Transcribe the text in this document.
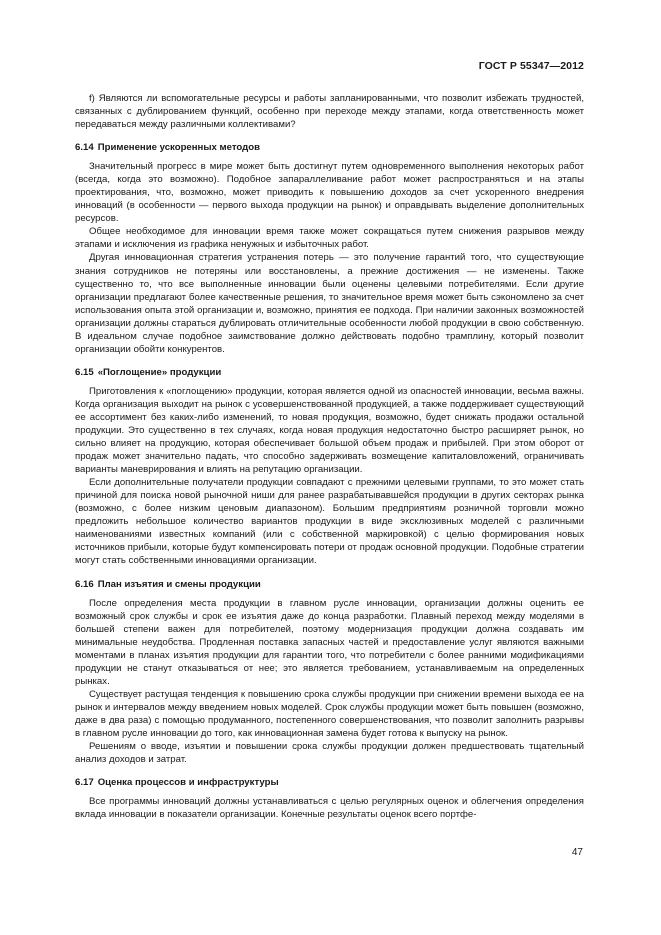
ГОСТ Р 55347—2012

f) Являются ли вспомогательные ресурсы и работы запланированными, что позволит избежать трудностей, связанных с дублированием функций, особенно при переходе между этапами, когда ответственность может передаваться между различными коллективами?

6.14 Применение ускоренных методов

Значительный прогресс в мире может быть достигнут путем одновременного выполнения некоторых работ (всегда, когда это возможно). Подобное запараллеливание работ может распространяться и на этапы проектирования, что, возможно, может приводить к повышению доходов за счет ускоренного внедрения инноваций (в особенности — первого выхода продукции на рынок) и оправдывать выделение дополнительных ресурсов.

Общее необходимое для инновации время также может сокращаться путем снижения разрывов между этапами и исключения из графика ненужных и избыточных работ.

Другая инновационная стратегия устранения потерь — это получение гарантий того, что существующие знания сотрудников не потеряны или восстановлены, а прежние достижения — не изменены. Также существенно то, что все выполненные инновации были оценены целевыми потребителями. Если другие организации предлагают более качественные решения, то значительное время может быть сэкономлено за счет использования опыта этой организации и, возможно, принятия ее подхода. При наличии законных возможностей организации должны стараться дублировать отличительные особенности любой продукции в свою собственную. В идеальном случае подобное заимствование должно действовать подобно трамплину, который позволит организации обойти конкурентов.

6.15 «Поглощение» продукции

Приготовления к «поглощению» продукции, которая является одной из опасностей инновации, весьма важны. Когда организация выходит на рынок с усовершенствованной продукцией, а также поддерживает существующий ее ассортимент без каких-либо изменений, то новая продукция, возможно, будет снижать продажи остальной продукции. Это существенно в тех случаях, когда новая продукция недостаточно быстро расширяет рынок, но сильно влияет на продукцию, которая обеспечивает большой объем продаж и прибылей. При этом оборот от продаж может значительно падать, что способно задерживать возмещение капиталовложений, ограничивать варианты маневрирования и влиять на репутацию организации.

Если дополнительные получатели продукции совпадают с прежними целевыми группами, то это может стать причиной для поиска новой рыночной ниши для ранее разрабатывавшейся продукции в других секторах рынка (возможно, с более низким ценовым диапазоном). Большим предприятиям розничной торговли можно предложить небольшое количество вариантов продукции в виде эксклюзивных моделей с различными наименованиями известных компаний (или с собственной маркировкой) с целью формирования новых источников прибыли, которые будут компенсировать потери от продаж основной продукции. Подобные стратегии могут стать собственными инновациями организации.

6.16 План изъятия и смены продукции

После определения места продукции в главном русле инновации, организации должны оценить ее возможный срок службы и срок ее изъятия даже до конца разработки. Плавный переход между моделями в большей степени важен для потребителей, поэтому модернизация продукции должна создавать им минимальные неудобства. Продленная поставка запасных частей и предоставление услуг являются важными моментами в планах изъятия продукции для гарантии того, что потребители с более ранними модификациями продукции не станут отказываться от нее; это является требованием, устанавливаемым на определенных рынках.

Существует растущая тенденция к повышению срока службы продукции при снижении времени выхода ее на рынок и интервалов между введением новых моделей. Срок службы продукции может быть повышен (возможно, даже в два раза) с помощью продуманного, постепенного совершенствования, что позволит заполнить разрывы в главном русле инновации до того, как инновационная замена будет готова к выпуску на рынок.

Решениям о вводе, изъятии и повышении срока службы продукции должен предшествовать тщательный анализ доходов и затрат.

6.17 Оценка процессов и инфраструктуры

Все программы инноваций должны устанавливаться с целью регулярных оценок и облегчения определения вклада инновации в показатели организации. Конечные результаты оценок всего портфе-

47
